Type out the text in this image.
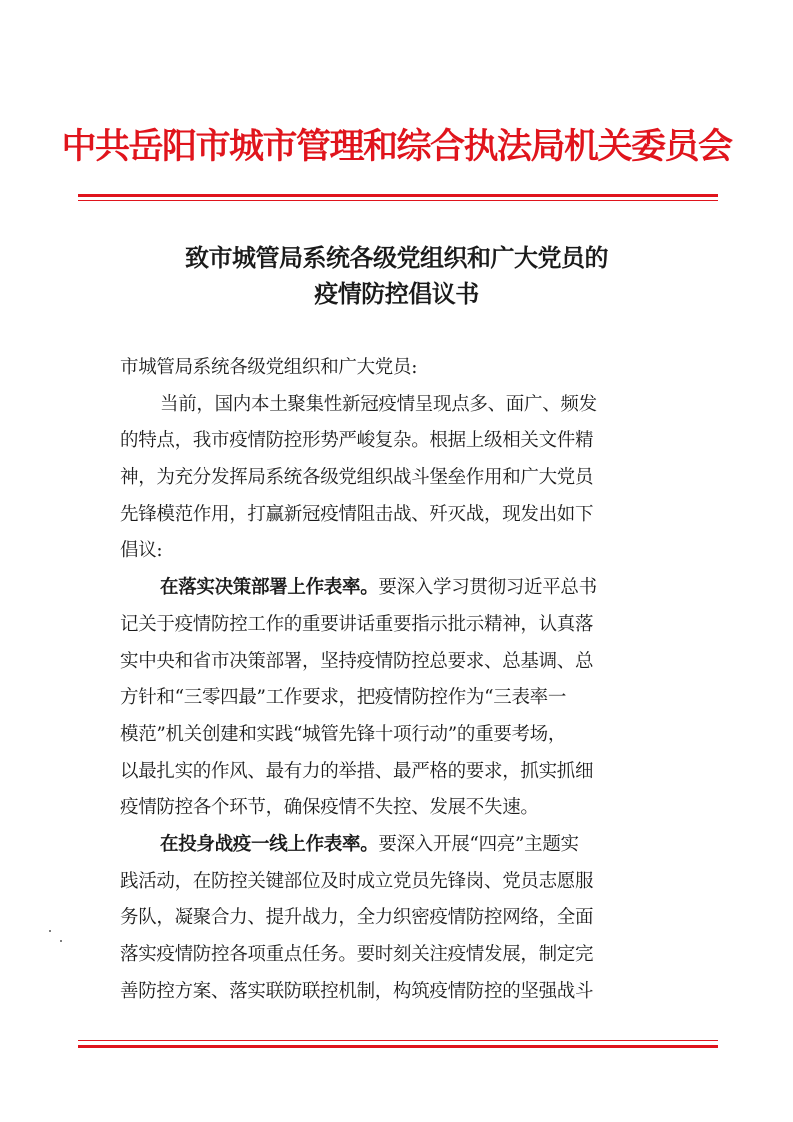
中共岳阳市城市管理和综合执法局机关委员会
致市城管局系统各级党组织和广大党员的
疫情防控倡议书
市城管局系统各级党组织和广大党员:
当前，国内本土聚集性新冠疫情呈现点多、面广、频发
的特点，我市疫情防控形势严峻复杂。根据上级相关文件精
神，为充分发挥局系统各级党组织战斗堡垒作用和广大党员
先锋模范作用，打赢新冠疫情阻击战、歼灭战，现发出如下
倡议:
在落实决策部署上作表率。要深入学习贯彻习近平总书
记关于疫情防控工作的重要讲话重要指示批示精神，认真落
实中央和省市决策部署，坚持疫情防控总要求、总基调、总
方针和“三零四最”工作要求，把疫情防控作为“三表率一
模范”机关创建和实践“城管先锋十项行动”的重要考场，
以最扎实的作风、最有力的举措、最严格的要求，抓实抓细
疫情防控各个环节，确保疫情不失控、发展不失速。
在投身战疫一线上作表率。要深入开展“四亮”主题实
践活动，在防控关键部位及时成立党员先锋岗、党员志愿服
务队，凝聚合力、提升战力，全力织密疫情防控网络，全面
落实疫情防控各项重点任务。要时刻关注疫情发展，制定完
善防控方案、落实联防联控机制，构筑疫情防控的坚强战斗
